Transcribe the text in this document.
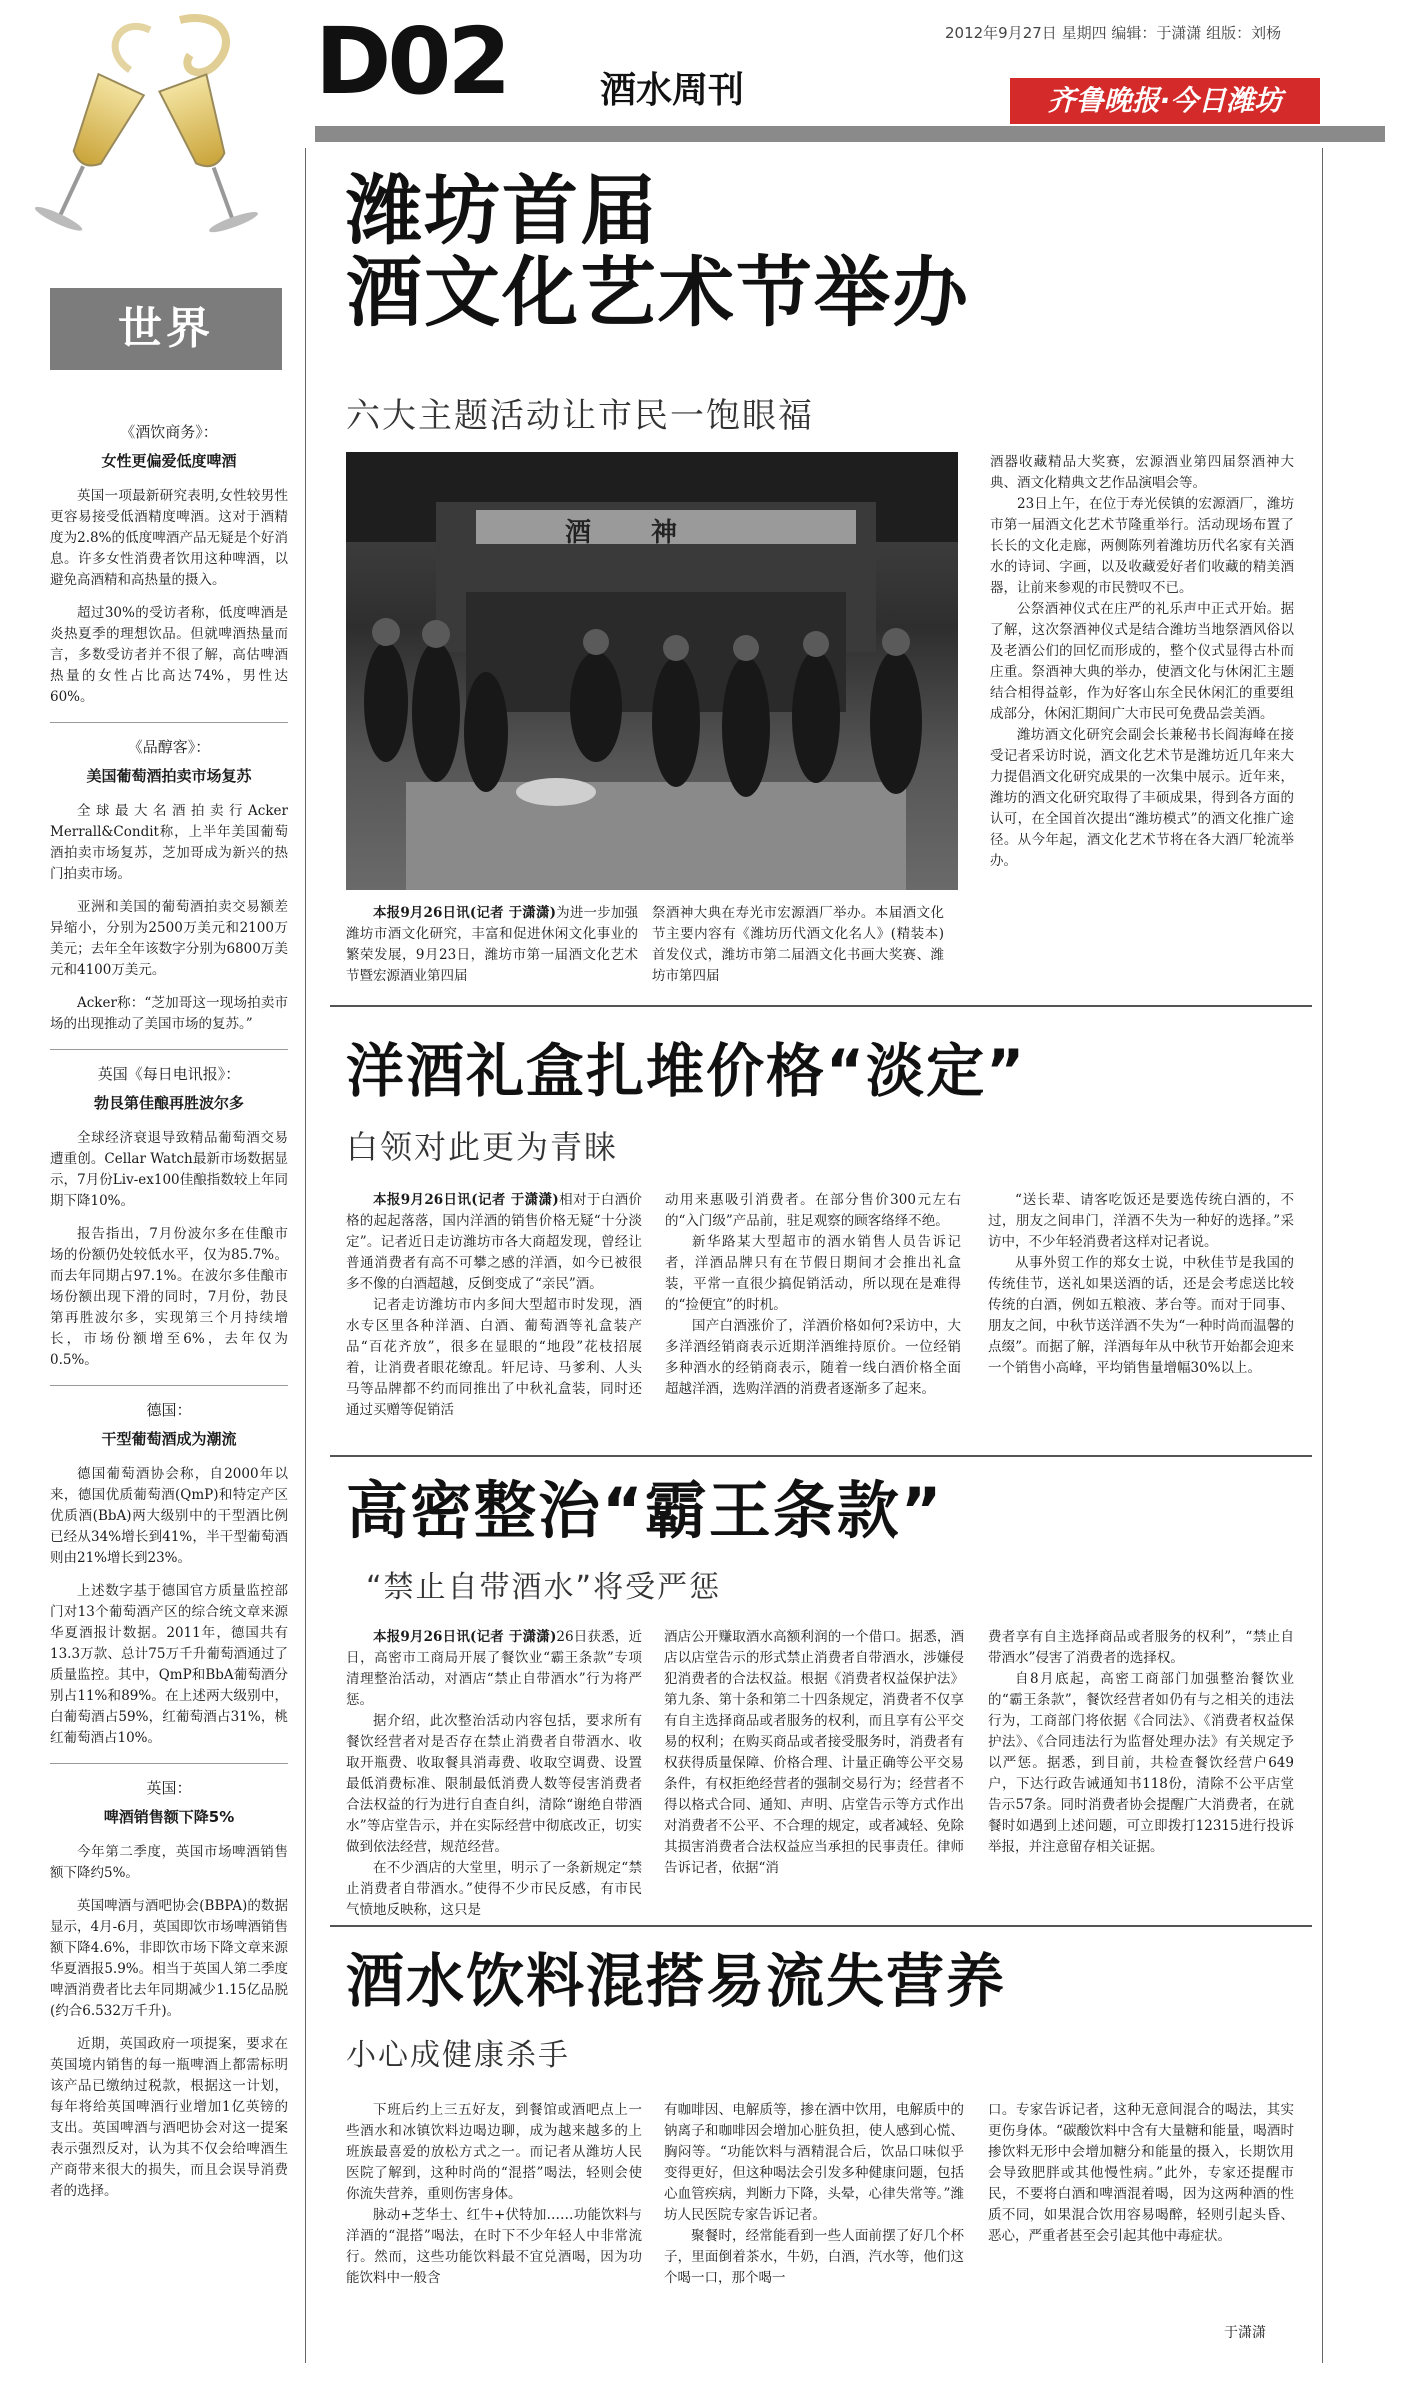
D02	酒水周刊
2012年9月27日 星期四 编辑：于潇潇 组版：刘杨
齐鲁晚报·今日潍坊
世界
《酒饮商务》：
女性更偏爱低度啤酒

英国一项最新研究表明,女性较男性更容易接受低酒精度啤酒。这对于酒精度为2.8%的低度啤酒产品无疑是个好消息。许多女性消费者饮用这种啤酒，以避免高酒精和高热量的摄入。

超过30%的受访者称，低度啤酒是炎热夏季的理想饮品。但就啤酒热量而言，多数受访者并不很了解，高估啤酒热量的女性占比高达74%，男性达60%。

《品醇客》：
美国葡萄酒拍卖市场复苏

全球最大名酒拍卖行Acker Merrall&Condit称，上半年美国葡萄酒拍卖市场复苏，芝加哥成为新兴的热门拍卖市场。

亚洲和美国的葡萄酒拍卖交易额差异缩小，分别为2500万美元和2100万美元；去年全年该数字分别为6800万美元和4100万美元。

Acker称：“芝加哥这一现场拍卖市场的出现推动了美国市场的复苏。”

英国《每日电讯报》：
勃艮第佳酿再胜波尔多

全球经济衰退导致精品葡萄酒交易遭重创。Cellar Watch最新市场数据显示，7月份Liv-ex100佳酿指数较上年同期下降10%。

报告指出，7月份波尔多在佳酿市场的份额仍处较低水平，仅为85.7%。而去年同期占97.1%。在波尔多佳酿市场份额出现下滑的同时，7月份，勃艮第再胜波尔多，实现第三个月持续增长，市场份额增至6%，去年仅为0.5%。

德国：
干型葡萄酒成为潮流

德国葡萄酒协会称，自2000年以来，德国优质葡萄酒(QmP)和特定产区优质酒(BbA)两大级别中的干型酒比例已经从34%增长到41%，半干型葡萄酒则由21%增长到23%。

上述数字基于德国官方质量监控部门对13个葡萄酒产区的综合统文章来源华夏酒报计数据。2011年，德国共有13.3万款、总计75万千升葡萄酒通过了质量监控。其中，QmP和BbA葡萄酒分别占11%和89%。在上述两大级别中，白葡萄酒占59%，红葡萄酒占31%，桃红葡萄酒占10%。

英国：
啤酒销售额下降5%

今年第二季度，英国市场啤酒销售额下降约5%。

英国啤酒与酒吧协会(BBPA)的数据显示，4月-6月，英国即饮市场啤酒销售额下降4.6%，非即饮市场下降文章来源华夏酒报5.9%。相当于英国人第二季度啤酒消费者比去年同期减少1.15亿品脱(约合6.532万千升)。

近期，英国政府一项提案，要求在英国境内销售的每一瓶啤酒上都需标明该产品已缴纳过税款，根据这一计划，每年将给英国啤酒行业增加1亿英镑的支出。英国啤酒与酒吧协会对这一提案表示强烈反对，认为其不仅会给啤酒生产商带来很大的损失，而且会误导消费者的选择。

潍坊首届
酒文化艺术节举办
六大主题活动让市民一饱眼福
酒神

本报9月26日讯(记者 于潇潇)为进一步加强潍坊市酒文化研究，丰富和促进休闲文化事业的繁荣发展，9月23日，潍坊市第一届酒文化艺术节暨宏源酒业第四届

祭酒神大典在寿光市宏源酒厂举办。本届酒文化节主要内容有《潍坊历代酒文化名人》(精装本)首发仪式，潍坊市第二届酒文化书画大奖赛、潍坊市第四届

酒器收藏精品大奖赛，宏源酒业第四届祭酒神大典、酒文化精典文艺作品演唱会等。

23日上午，在位于寿光侯镇的宏源酒厂，潍坊市第一届酒文化艺术节隆重举行。活动现场布置了长长的文化走廊，两侧陈列着潍坊历代名家有关酒水的诗词、字画，以及收藏爱好者们收藏的精美酒器，让前来参观的市民赞叹不已。

公祭酒神仪式在庄严的礼乐声中正式开始。据了解，这次祭酒神仪式是结合潍坊当地祭酒风俗以及老酒公们的回忆而形成的，整个仪式显得古朴而庄重。祭酒神大典的举办，使酒文化与休闲汇主题结合相得益彰，作为好客山东全民休闲汇的重要组成部分，休闲汇期间广大市民可免费品尝美酒。

潍坊酒文化研究会副会长兼秘书长阎海峰在接受记者采访时说，酒文化艺术节是潍坊近几年来大力提倡酒文化研究成果的一次集中展示。近年来，潍坊的酒文化研究取得了丰硕成果，得到各方面的认可，在全国首次提出“潍坊模式”的酒文化推广途径。从今年起，酒文化艺术节将在各大酒厂轮流举办。

洋酒礼盒扎堆价格“淡定”
白领对此更为青睐

本报9月26日讯(记者 于潇潇)相对于白酒价格的起起落落，国内洋酒的销售价格无疑“十分淡定”。记者近日走访潍坊市各大商超发现，曾经让普通消费者有高不可攀之感的洋酒，如今已被很多不像的白酒超越，反倒变成了“亲民”酒。

记者走访潍坊市内多间大型超市时发现，酒水专区里各种洋酒、白酒、葡萄酒等礼盒装产品“百花齐放”，很多在显眼的“地段”花枝招展着，让消费者眼花缭乱。轩尼诗、马爹利、人头马等品牌都不约而同推出了中秋礼盒装，同时还通过买赠等促销活

动用来惠吸引消费者。在部分售价300元左右的“入门级”产品前，驻足观察的顾客络绎不绝。

新华路某大型超市的酒水销售人员告诉记者，洋酒品牌只有在节假日期间才会推出礼盒装，平常一直很少搞促销活动，所以现在是难得的“捡便宜”的时机。

国产白酒涨价了，洋酒价格如何?采访中，大多洋酒经销商表示近期洋酒维持原价。一位经销多种酒水的经销商表示，随着一线白酒价格全面超越洋酒，选购洋酒的消费者逐渐多了起来。

“送长辈、请客吃饭还是要选传统白酒的，不过，朋友之间串门，洋酒不失为一种好的选择。”采访中，不少年轻消费者这样对记者说。

从事外贸工作的郑女士说，中秋佳节是我国的传统佳节，送礼如果送酒的话，还是会考虑送比较传统的白酒，例如五粮液、茅台等。而对于同事、朋友之间，中秋节送洋酒不失为“一种时尚而温馨的点缀”。而据了解，洋酒每年从中秋节开始都会迎来一个销售小高峰，平均销售量增幅30%以上。

高密整治“霸王条款”
“禁止自带酒水”将受严惩

本报9月26日讯(记者 于潇潇)26日获悉，近日，高密市工商局开展了餐饮业“霸王条款”专项清理整治活动，对酒店“禁止自带酒水”行为将严惩。

据介绍，此次整治活动内容包括，要求所有餐饮经营者对是否存在禁止消费者自带酒水、收取开瓶费、收取餐具消毒费、收取空调费、设置最低消费标准、限制最低消费人数等侵害消费者合法权益的行为进行自查自纠，清除“谢绝自带酒水”等店堂告示，并在实际经营中彻底改正，切实做到依法经营，规范经营。

在不少酒店的大堂里，明示了一条新规定“禁止消费者自带酒水。”使得不少市民反感，有市民气愤地反映称，这只是

酒店公开赚取酒水高额利润的一个借口。据悉，酒店以店堂告示的形式禁止消费者自带酒水，涉嫌侵犯消费者的合法权益。根据《消费者权益保护法》第九条、第十条和第二十四条规定，消费者不仅享有自主选择商品或者服务的权利，而且享有公平交易的权利；在购买商品或者接受服务时，消费者有权获得质量保障、价格合理、计量正确等公平交易条件，有权拒绝经营者的强制交易行为；经营者不得以格式合同、通知、声明、店堂告示等方式作出对消费者不公平、不合理的规定，或者减轻、免除其损害消费者合法权益应当承担的民事责任。律师告诉记者，依据“消

费者享有自主选择商品或者服务的权利”，“禁止自带酒水”侵害了消费者的选择权。

自8月底起，高密工商部门加强整治餐饮业的“霸王条款”，餐饮经营者如仍有与之相关的违法行为，工商部门将依据《合同法》、《消费者权益保护法》、《合同违法行为监督处理办法》有关规定予以严惩。据悉，到目前，共检查餐饮经营户649户，下达行政告诫通知书118份，清除不公平店堂告示57条。同时消费者协会提醒广大消费者，在就餐时如遇到上述问题，可立即拨打12315进行投诉举报，并注意留存相关证据。

酒水饮料混搭易流失营养
小心成健康杀手

下班后约上三五好友，到餐馆或酒吧点上一些酒水和冰镇饮料边喝边聊，成为越来越多的上班族最喜爱的放松方式之一。而记者从潍坊人民医院了解到，这种时尚的“混搭”喝法，轻则会使你流失营养，重则伤害身体。

脉动+芝华士、红牛+伏特加……功能饮料与洋酒的“混搭”喝法，在时下不少年轻人中非常流行。然而，这些功能饮料最不宜兑酒喝，因为功能饮料中一般含

有咖啡因、电解质等，掺在酒中饮用，电解质中的钠离子和咖啡因会增加心脏负担，使人感到心慌、胸闷等。“功能饮料与酒精混合后，饮品口味似乎变得更好，但这种喝法会引发多种健康问题，包括心血管疾病，判断力下降，头晕，心律失常等。”潍坊人民医院专家告诉记者。

聚餐时，经常能看到一些人面前摆了好几个杯子，里面倒着茶水，牛奶，白酒，汽水等，他们这个喝一口，那个喝一

口。专家告诉记者，这种无意间混合的喝法，其实更伤身体。“碳酸饮料中含有大量糖和能量，喝酒时掺饮料无形中会增加糖分和能量的摄入，长期饮用会导致肥胖或其他慢性病。”此外，专家还提醒市民，不要将白酒和啤酒混着喝，因为这两种酒的性质不同，如果混合饮用容易喝醉，轻则引起头昏、恶心，严重者甚至会引起其他中毒症状。

于潇潇
